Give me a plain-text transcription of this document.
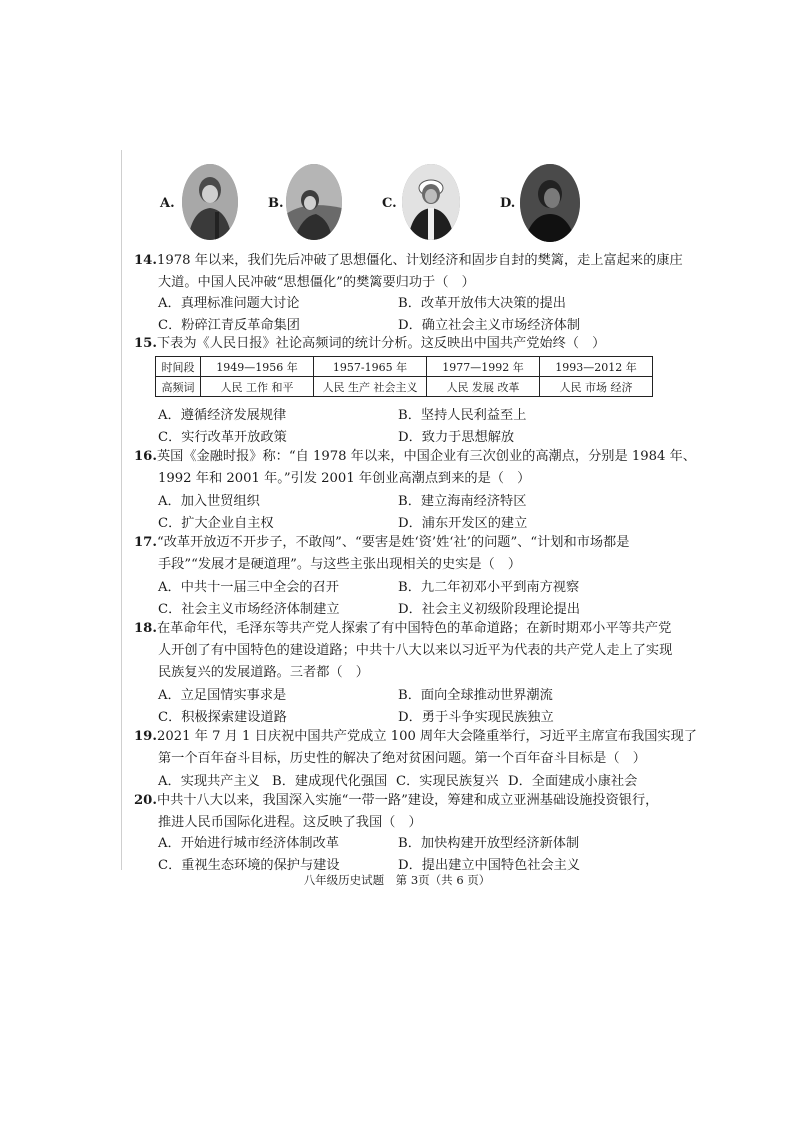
A.	B.	C.	D.
14.1978 年以来，我们先后冲破了思想僵化、计划经济和固步自封的樊篱，走上富起来的康庄
大道。中国人民冲破“思想僵化”的樊篱要归功于（　）
A．真理标准问题大讨论	B．改革开放伟大决策的提出
C．粉碎江青反革命集团	D．确立社会主义市场经济体制
15.下表为《人民日报》社论高频词的统计分析。这反映出中国共产党始终（　）
时间段	1949—1956 年	1957-1965 年	1977—1992 年	1993—2012 年
高频词	人民 工作 和平	人民 生产 社会主义	人民 发展 改革	人民 市场 经济
A．遵循经济发展规律	B．坚持人民利益至上
C．实行改革开放政策	D．致力于思想解放
16.英国《金融时报》称：“自 1978 年以来，中国企业有三次创业的高潮点，分别是 1984 年、
1992 年和 2001 年。”引发 2001 年创业高潮点到来的是（　）
A．加入世贸组织	B．建立海南经济特区
C．扩大企业自主权	D．浦东开发区的建立
17.“改革开放迈不开步子，不敢闯”、“要害是姓‘资’姓‘社’的问题”、“计划和市场都是
手段”“发展才是硬道理”。与这些主张出现相关的史实是（　）
A．中共十一届三中全会的召开	B．九二年初邓小平到南方视察
C．社会主义市场经济体制建立	D．社会主义初级阶段理论提出
18.在革命年代，毛泽东等共产党人探索了有中国特色的革命道路；在新时期邓小平等共产党
人开创了有中国特色的建设道路；中共十八大以来以习近平为代表的共产党人走上了实现
民族复兴的发展道路。三者都（　）
A．立足国情实事求是	B．面向全球推动世界潮流
C．积极探索建设道路	D．勇于斗争实现民族独立
19.2021 年 7 月 1 日庆祝中国共产党成立 100 周年大会隆重举行，习近平主席宣布我国实现了
第一个百年奋斗目标，历史性的解决了绝对贫困问题。第一个百年奋斗目标是（　）
A．实现共产主义 B．建成现代化强国 C．实现民族复兴 D．全面建成小康社会
20.中共十八大以来，我国深入实施“一带一路”建设，筹建和成立亚洲基础设施投资银行，
推进人民币国际化进程。这反映了我国（　）
A．开始进行城市经济体制改革	B．加快构建开放型经济新体制
C．重视生态环境的保护与建设	D．提出建立中国特色社会主义
八年级历史试题　第 3页（共 6 页）
